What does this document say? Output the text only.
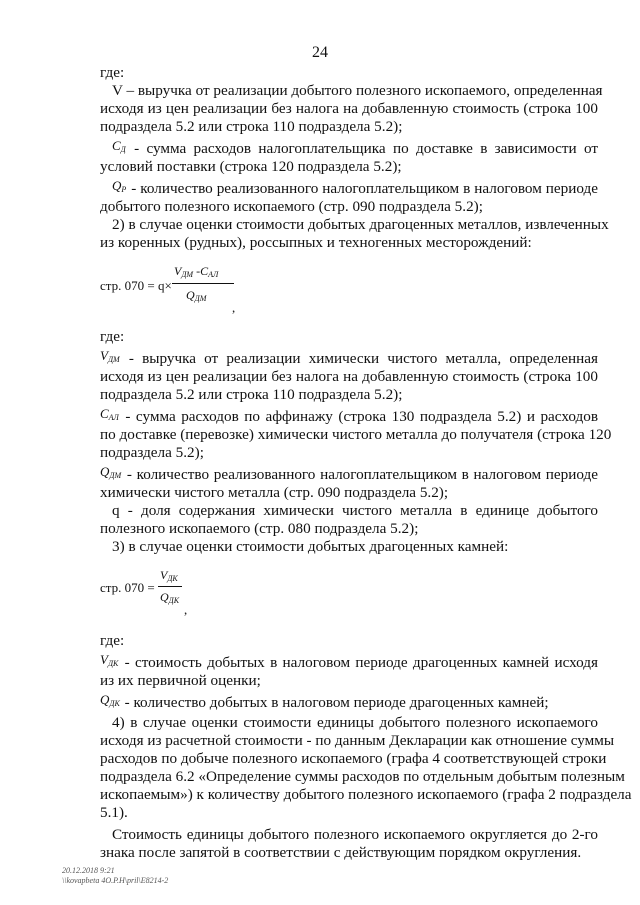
24
где:
V – выручка от реализации добытого полезного ископаемого, определенная
исходя из цен реализации без налога на добавленную стоимость (строка 100
подраздела 5.2 или строка 110 подраздела 5.2);
$С_Д$ - сумма расходов налогоплательщика по доставке в зависимости от
условий поставки (строка 120 подраздела 5.2);
$Q_Р$ - количество реализованного налогоплательщиком в налоговом периоде
добытого полезного ископаемого (стр. 090 подраздела 5.2);
2) в случае оценки стоимости добытых драгоценных металлов, извлеченных
из коренных (рудных), россыпных и техногенных месторождений:
стр. 070 = q×
$V_{ДМ}$ $-С_{АЛ}$
$Q_{ДМ}$
,
где:
$V_{ДМ}$ - выручка от реализации химически чистого металла, определенная
исходя из цен реализации без налога на добавленную стоимость (строка 100
подраздела 5.2 или строка 110 подраздела 5.2);
$С_{АЛ}$ - сумма расходов по аффинажу (строка 130 подраздела 5.2) и расходов
по доставке (перевозке) химически чистого металла до получателя (строка 120
подраздела 5.2);
$Q_{ДМ}$ - количество реализованного налогоплательщиком в налоговом периоде
химически чистого металла (стр. 090 подраздела 5.2);
q - доля содержания химически чистого металла в единице добытого
полезного ископаемого (стр. 080 подраздела 5.2);
3) в случае оценки стоимости добытых драгоценных камней:
стр. 070 =
$V_{ДК}$
$Q_{ДК}$
,
где:
$V_{ДК}$ - стоимость добытых в налоговом периоде драгоценных камней исходя
из их первичной оценки;
$Q_{ДК}$ - количество добытых в налоговом периоде драгоценных камней;
4) в случае оценки стоимости единицы добытого полезного ископаемого
исходя из расчетной стоимости - по данным Декларации как отношение суммы
расходов по добыче полезного ископаемого (графа 4 соответствующей строки
подраздела 6.2 «Определение суммы расходов по отдельным добытым полезным
ископаемым») к количеству добытого полезного ископаемого (графа 2 подраздела
5.1).
Стоимость единицы добытого полезного ископаемого округляется до 2-го
знака после запятой в соответствии с действующим порядком округления.
20.12.2018 9:21
\\kovapbeta 4O.P.H\pril\E8214-2
